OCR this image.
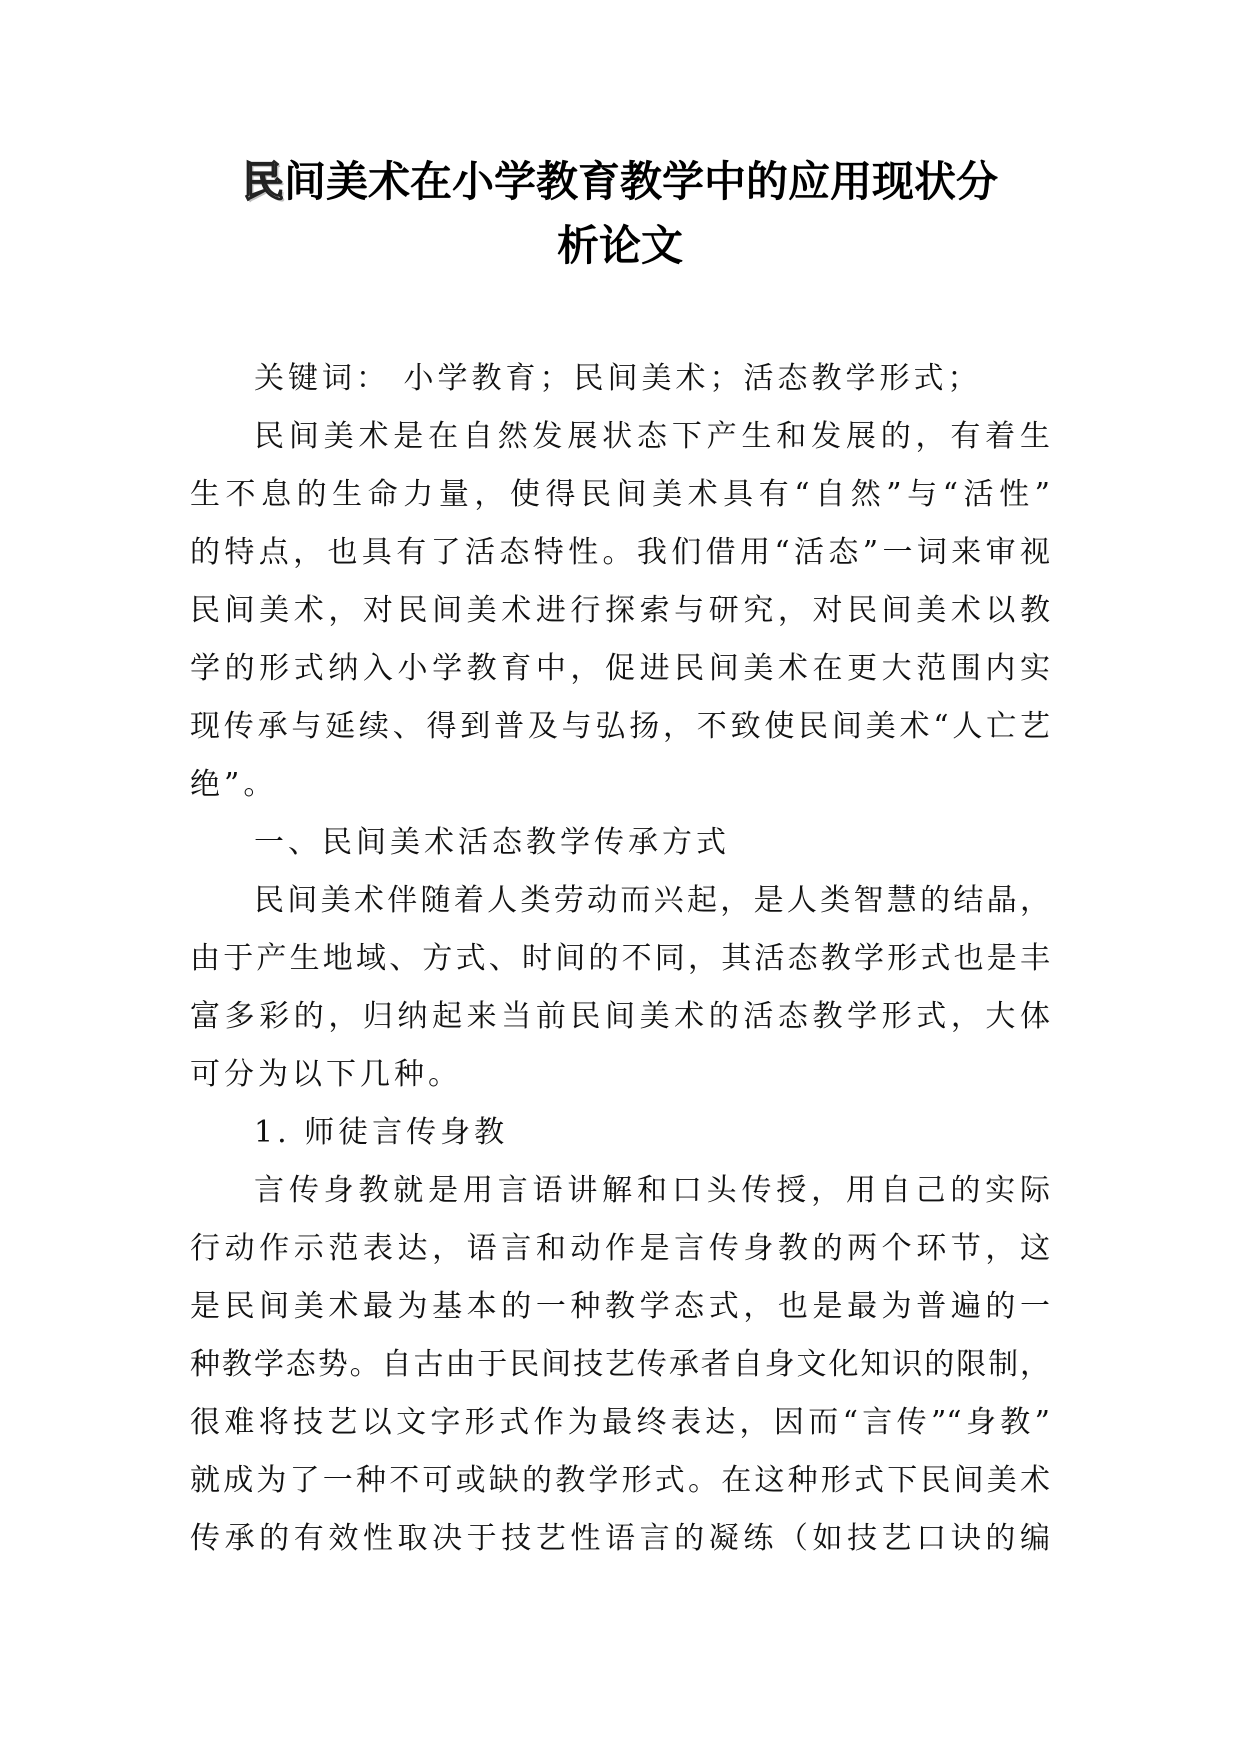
民间美术在小学教育教学中的应用现状分
析论文
关键词： 小学教育；民间美术；活态教学形式；
民间美术是在自然发展状态下产生和发展的，有着生
生不息的生命力量，使得民间美术具有“自然”与“活性”
的特点，也具有了活态特性。我们借用“活态”一词来审视
民间美术，对民间美术进行探索与研究，对民间美术以教
学的形式纳入小学教育中，促进民间美术在更大范围内实
现传承与延续、得到普及与弘扬，不致使民间美术“人亡艺
绝”。
一、民间美术活态教学传承方式
民间美术伴随着人类劳动而兴起，是人类智慧的结晶，
由于产生地域、方式、时间的不同，其活态教学形式也是丰
富多彩的，归纳起来当前民间美术的活态教学形式，大体
可分为以下几种。
1. 师徒言传身教
言传身教就是用言语讲解和口头传授，用自己的实际
行动作示范表达，语言和动作是言传身教的两个环节，这
是民间美术最为基本的一种教学态式，也是最为普遍的一
种教学态势。自古由于民间技艺传承者自身文化知识的限制，
很难将技艺以文字形式作为最终表达，因而“言传”“身教”
就成为了一种不可或缺的教学形式。在这种形式下民间美术
传承的有效性取决于技艺性语言的凝练（如技艺口诀的编
